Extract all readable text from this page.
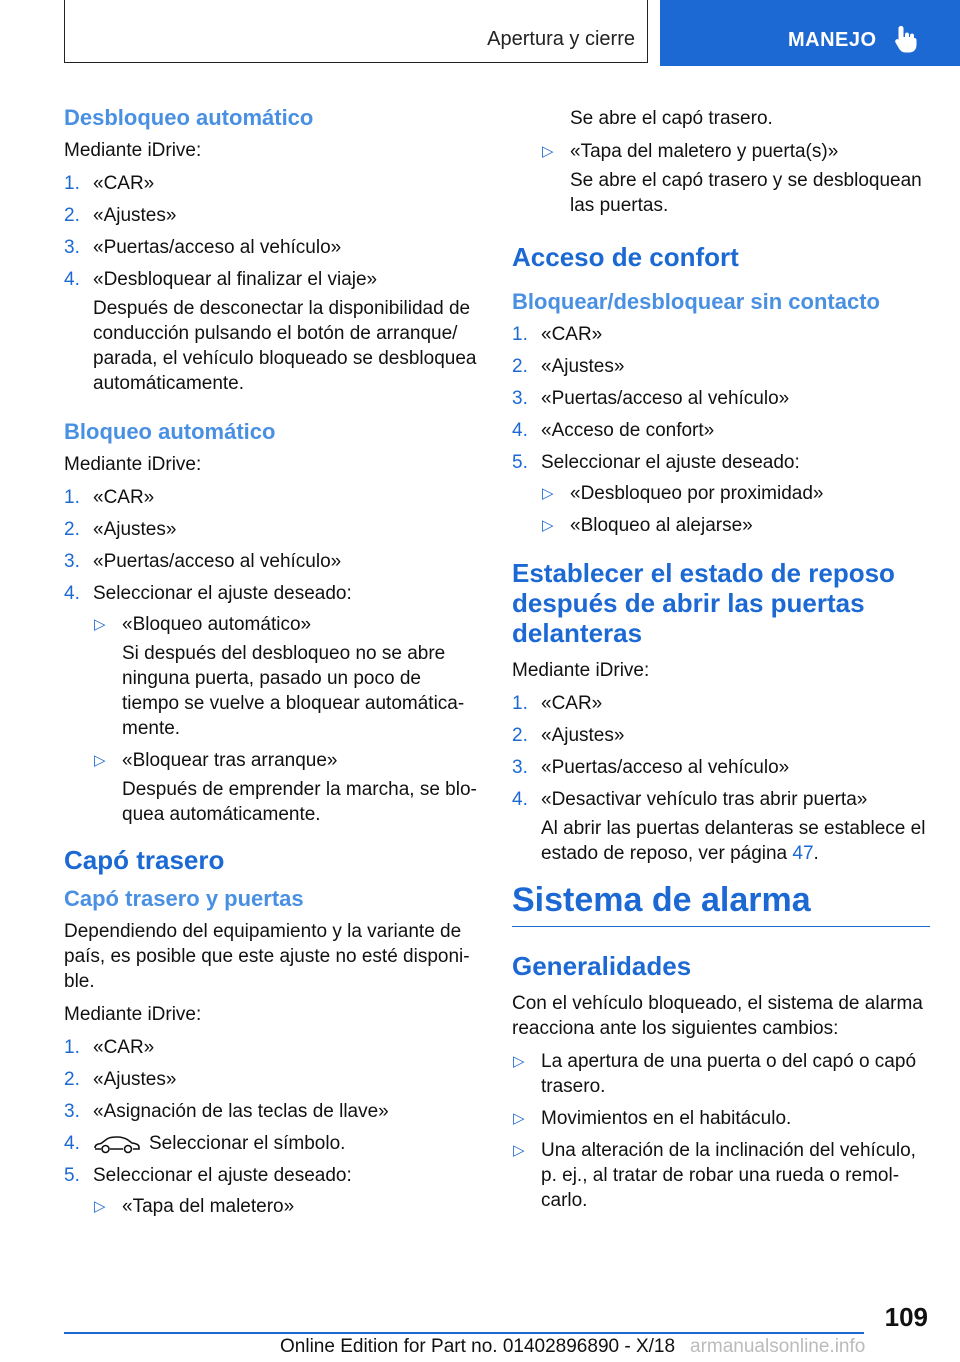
Apertura y cierre	MANEJO
Desbloqueo automático

Mediante iDrive:

1. «CAR»
2. «Ajustes»
3. «Puertas/acceso al vehículo»
4. «Desbloquear al finalizar el viaje»

Después de desconectar la disponibilidad de conducción pulsando el botón de arranque/ parada, el vehículo bloqueado se desbloquea automáticamente.

Bloqueo automático

Mediante iDrive:

1. «CAR»
2. «Ajustes»
3. «Puertas/acceso al vehículo»
4. Seleccionar el ajuste deseado:
▷ «Bloqueo automático»

Si después del desbloqueo no se abre ninguna puerta, pasado un poco de tiempo se vuelve a bloquear automática‐ mente.

▷ «Bloquear tras arranque»

Después de emprender la marcha, se blo‐ quea automáticamente.

Capó trasero
Capó trasero y puertas

Dependiendo del equipamiento y la variante de país, es posible que este ajuste no esté disponi‐ ble.

Mediante iDrive:

1. «CAR»
2. «Ajustes»
3. «Asignación de las teclas de llave»
4.	Seleccionar el símbolo.
5. Seleccionar el ajuste deseado:
▷ «Tapa del maletero»

Se abre el capó trasero.

▷ «Tapa del maletero y puerta(s)»

Se abre el capó trasero y se desbloquean las puertas.

Acceso de confort
Bloquear/desbloquear sin contacto
1. «CAR»
2. «Ajustes»
3. «Puertas/acceso al vehículo»
4. «Acceso de confort»
5. Seleccionar el ajuste deseado:
▷ «Desbloqueo por proximidad»
▷ «Bloqueo al alejarse»
Establecer el estado de reposo después de abrir las puertas delanteras

Mediante iDrive:

1. «CAR»
2. «Ajustes»
3. «Puertas/acceso al vehículo»
4. «Desactivar vehículo tras abrir puerta»

Al abrir las puertas delanteras se establece el estado de reposo, ver página 47.

Sistema de alarma
Generalidades

Con el vehículo bloqueado, el sistema de alarma reacciona ante los siguientes cambios:

▷ La apertura de una puerta o del capó o capó trasero.
▷ Movimientos en el habitáculo.
▷ Una alteración de la inclinación del vehículo, p. ej., al tratar de robar una rueda o remol‐ carlo.
109
Online Edition for Part no. 01402896890 - X/18 armanualsonline.info
